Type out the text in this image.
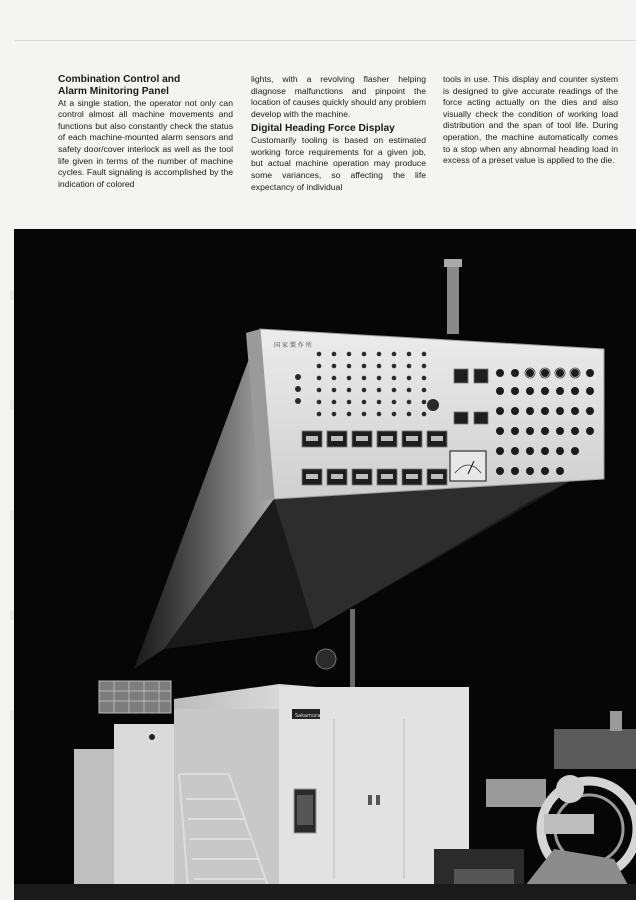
Combination Control and
Alarm Minitoring Panel

At a single station, the operator not only can control almost all machine movements and functions but also constantly check the status of each machine-mounted alarm sensors and safety door/cover interlock as well as the tool life given in terms of the number of machine cycles. Fault signaling is accomplished by the indication of colored

lights, with a revolving flasher helping diagnose malfunctions and pinpoint the location of causes quickly should any problem develop with the machine.

Digital Heading Force Display

Customarily tooling is based on estimated working force requirements for a given job, but actual machine operation may produce some variances, so affecting the life expectancy of individual

tools in use. This display and counter system is designed to give accurate readings of the force acting actually on the dies and also visually check the condition of working load distribution and the span of tool life. During operation, the machine automatically comes to a stop when any abnormal heading load in excess of a preset value is applied to the die.

国 家 製 作 所
Sakamura
